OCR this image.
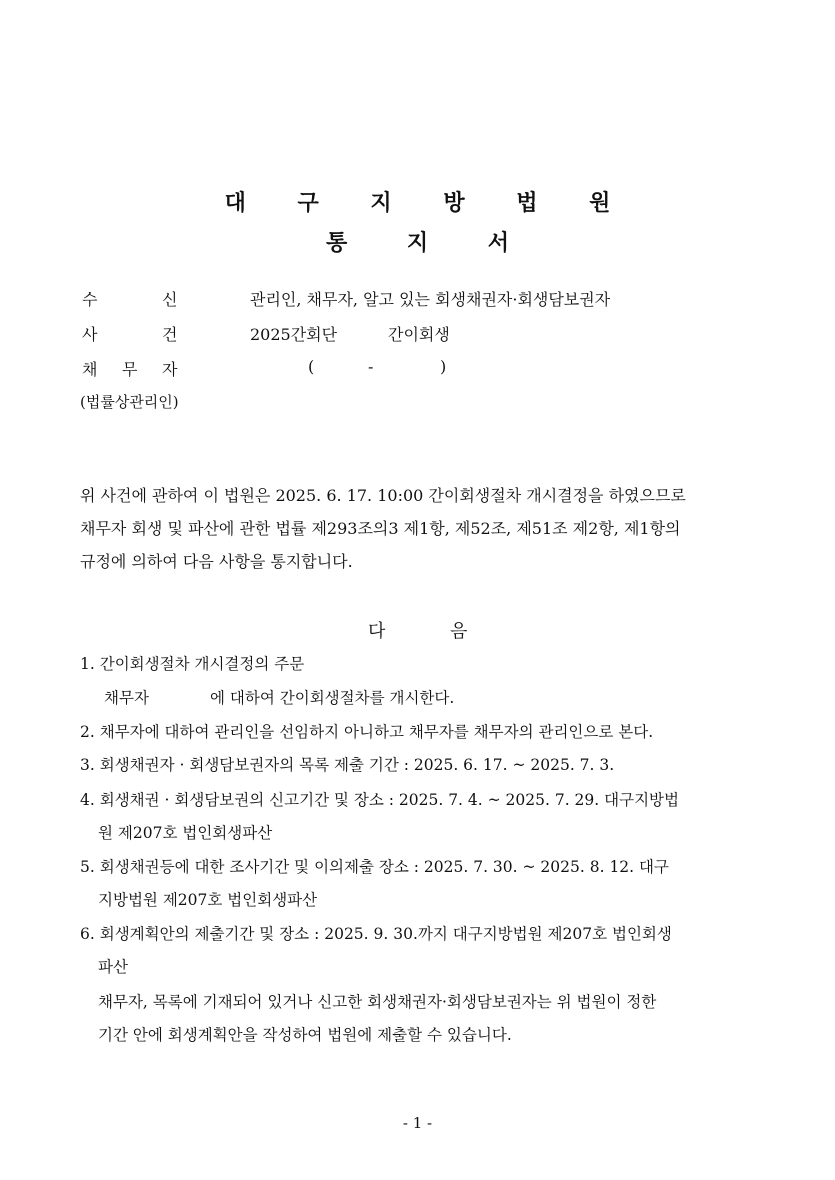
대 구 지 방 법 원
통 지 서
수	신	관리인, 채무자, 알고 있는 회생채권자·회생담보권자
사	건	2025간회단	간이회생
채 무 자	(	-	)
(법률상관리인)
위 사건에 관하여 이 법원은 2025. 6. 17. 10:00 간이회생절차 개시결정을 하였으므로
채무자 회생 및 파산에 관한 법률 제293조의3 제1항, 제52조, 제51조 제2항, 제1항의
규정에 의하여 다음 사항을 통지합니다.
다	음
1. 간이회생절차 개시결정의 주문
채무자	에 대하여 간이회생절차를 개시한다.
2. 채무자에 대하여 관리인을 선임하지 아니하고 채무자를 채무자의 관리인으로 본다.
3. 회생채권자 · 회생담보권자의 목록 제출 기간 : 2025. 6. 17. ~ 2025. 7. 3.
4. 회생채권 · 회생담보권의 신고기간 및 장소 : 2025. 7. 4. ~ 2025. 7. 29. 대구지방법
원 제207호 법인회생파산
5. 회생채권등에 대한 조사기간 및 이의제출 장소 : 2025. 7. 30. ~ 2025. 8. 12. 대구
지방법원 제207호 법인회생파산
6. 회생계획안의 제출기간 및 장소 : 2025. 9. 30.까지 대구지방법원 제207호 법인회생
파산
채무자, 목록에 기재되어 있거나 신고한 회생채권자·회생담보권자는 위 법원이 정한
기간 안에 회생계획안을 작성하여 법원에 제출할 수 있습니다.
- 1 -
